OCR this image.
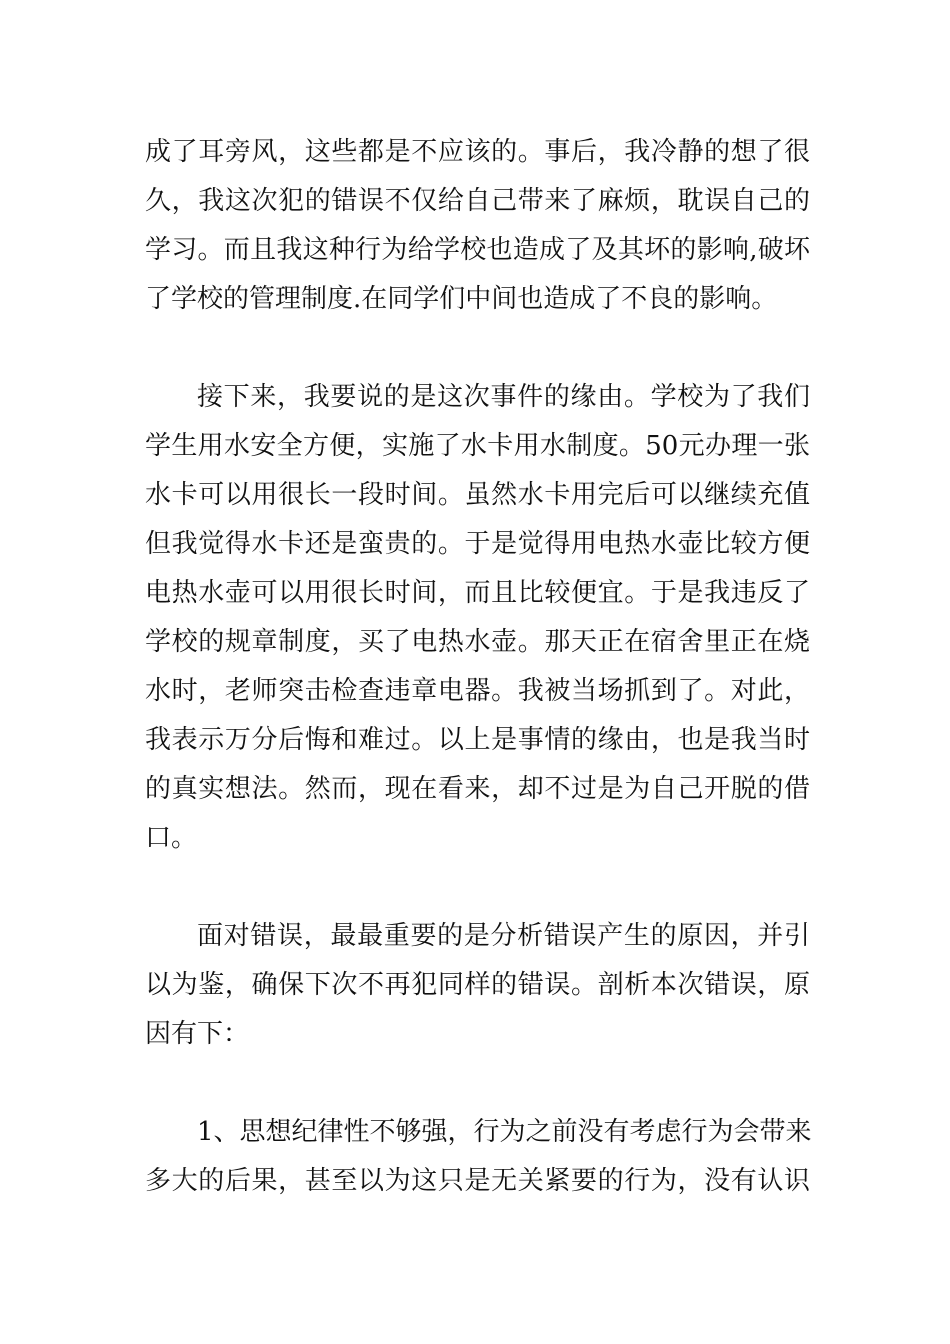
成了耳旁风，这些都是不应该的。事后，我冷静的想了很
久，我这次犯的错误不仅给自己带来了麻烦，耽误自己的
学习。而且我这种行为给学校也造成了及其坏的影响,破坏
了学校的管理制度.在同学们中间也造成了不良的影响。
接下来，我要说的是这次事件的缘由。学校为了我们
学生用水安全方便，实施了水卡用水制度。50元办理一张
水卡可以用很长一段时间。虽然水卡用完后可以继续充值
但我觉得水卡还是蛮贵的。于是觉得用电热水壶比较方便
电热水壶可以用很长时间，而且比较便宜。于是我违反了
学校的规章制度，买了电热水壶。那天正在宿舍里正在烧
水时，老师突击检查违章电器。我被当场抓到了。对此，
我表示万分后悔和难过。以上是事情的缘由，也是我当时
的真实想法。然而，现在看来，却不过是为自己开脱的借
口。
面对错误，最最重要的是分析错误产生的原因，并引
以为鉴，确保下次不再犯同样的错误。剖析本次错误，原
因有下：
1、思想纪律性不够强，行为之前没有考虑行为会带来
多大的后果，甚至以为这只是无关紧要的行为，没有认识
